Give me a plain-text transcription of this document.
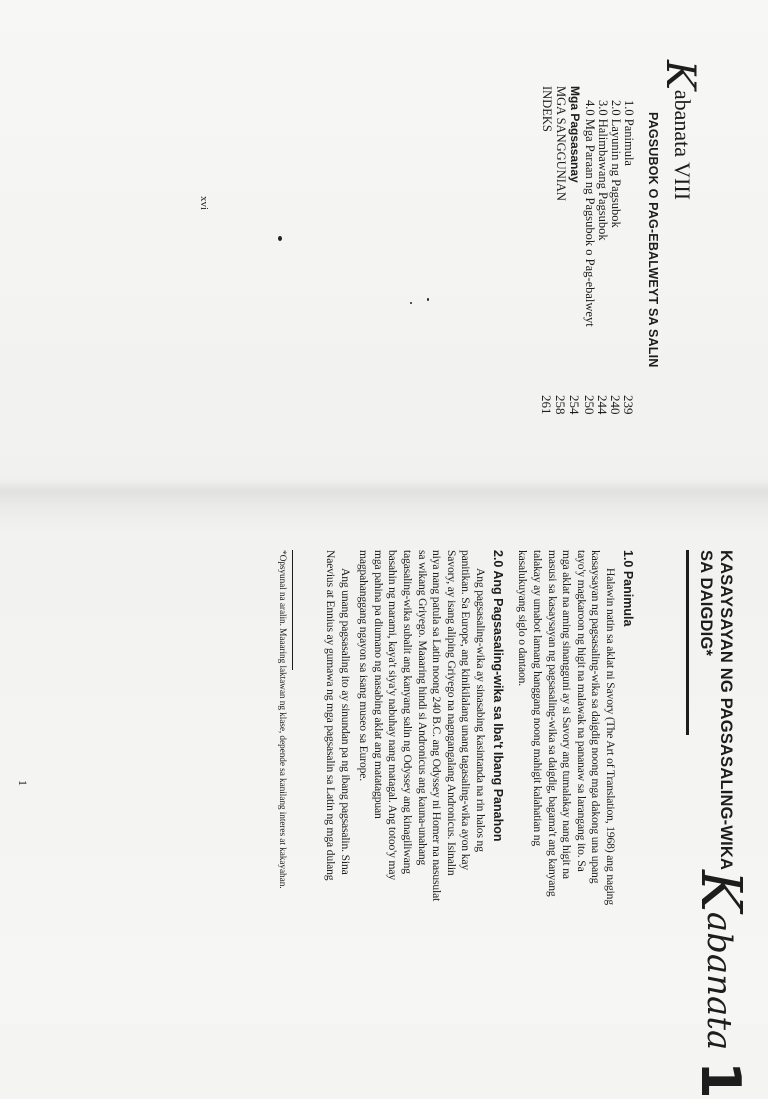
Kabanata VIII
PAGSUBOK O PAG-EBALWEYT SA SALIN
1.0 Panimula
239
2.0 Layunin ng Pagsubok
240
3.0 Halimbawang Pagsubok
244
4.0 Mga Paraan ng Pagsubok o Pag-ebalweyt
250
Mga Pagsasanay
254
MGA SANGGUNIAN
258
INDEKS
261
xvi
KASAYSAYAN NG PAGSASALING-WIKA
SA DAIGDIG*
Kabanata 1
1.0 Panimula
Halawin natin sa aklat ni Savory (The Art of Translation, 1968) ang naging
kasaysayan ng pagsasaling-wika sa daigdig noong mga dakong una upang
tayo'y magkaroon ng higit na malawak na pananaw sa larangang ito. Sa
mga aklat na aming sinangguni ay si Savory ang tumalakay nang higit na
masusi sa kasaysayan ng pagsasaling-wika sa daigdig, bagama't ang kanyang
talakay ay umabot lamang hanggang noong mahigit kalahatian ng
kasalukuyang siglo o dantaon.
2.0 Ang Pagsasaling-wika sa Iba't Ibang Panahon
Ang pagsasaling-wika ay sinasabing kasintanda na rin halos ng
panitikan. Sa Europe, ang kinikilalang unang tagasaling-wika ayon kay
Savory, ay isang aliping Griyego na nagngangalang Andronicus. Isinalin
niya nang patula sa Latin noong 240 B.C. ang Odyssey ni Homer na nasusulat
sa wikang Griyego. Maaaring hindi si Andronicus ang kauna-unahang
tagasaling-wika subalit ang kanyang salin ng Odyssey ang kinagiliwang
basahin ng marami, kaya't siya'y nabuhay nang matagal. Ang totoo'y may
mga pahina pa diumano ng nasabing aklat ang matatagpuan
magpahanggang ngayon sa isang museo sa Europe.
Ang unang pagsasaling ito ay sinundan pa ng ibang pagsasalin. Sina
Naevius at Ennius ay gumawa ng mga pagsasalin sa Latin ng mga dulang
*Opsyunal na aralin. Maaaring laktawan ng klase, depende sa kanilang interes at kakayahan.
1
